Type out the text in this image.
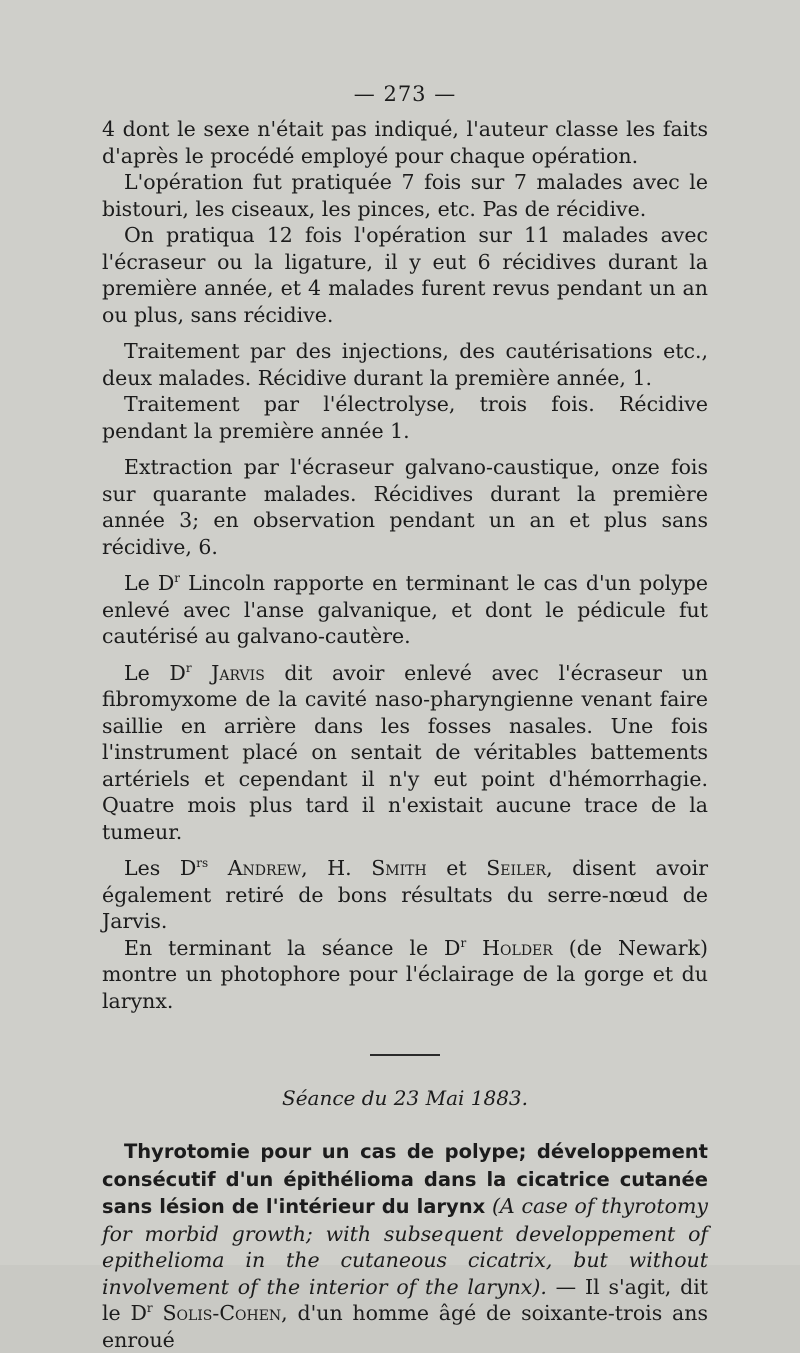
— 273 —

4 dont le sexe n'était pas indiqué, l'auteur classe les faits d'après le procédé employé pour chaque opération.

L'opération fut pratiquée 7 fois sur 7 malades avec le bistouri, les ciseaux, les pinces, etc. Pas de récidive.

On pratiqua 12 fois l'opération sur 11 malades avec l'écraseur ou la ligature, il y eut 6 récidives durant la première année, et 4 malades furent revus pendant un an ou plus, sans récidive.

Traitement par des injections, des cautérisations etc., deux malades. Récidive durant la première année, 1.

Traitement par l'électrolyse, trois fois. Récidive pendant la première année 1.

Extraction par l'écraseur galvano-caustique, onze fois sur quarante malades. Récidives durant la première année 3; en observation pendant un an et plus sans récidive, 6.

Le $D^r$ Lincoln rapporte en terminant le cas d'un polype enlevé avec l'anse galvanique, et dont le pédicule fut cautérisé au galvano-cautère.

Le $D^r$ Jarvis dit avoir enlevé avec l'écraseur un fibromyxome de la cavité naso-pharyngienne venant faire saillie en arrière dans les fosses nasales. Une fois l'instrument placé on sentait de véritables battements artériels et cependant il n'y eut point d'hémorrhagie. Quatre mois plus tard il n'existait aucune trace de la tumeur.

Les $D^{rs}$ Andrew, H. Smith et Seiler, disent avoir également retiré de bons résultats du serre-nœud de Jarvis.

En terminant la séance le $D^r$ Holder (de Newark) montre un photophore pour l'éclairage de la gorge et du larynx.

Séance du 23 Mai 1883.

Thyrotomie pour un cas de polype; développement consécutif d'un épithélioma dans la cicatrice cutanée sans lésion de l'intérieur du larynx (A case of thyrotomy for morbid growth; with subsequent developpement of epithelioma in the cutaneous cicatrix, but without involvement of the interior of the larynx). — Il s'agit, dit le $D^r$ Solis-Cohen, d'un homme âgé de soixante-trois ans enroué
